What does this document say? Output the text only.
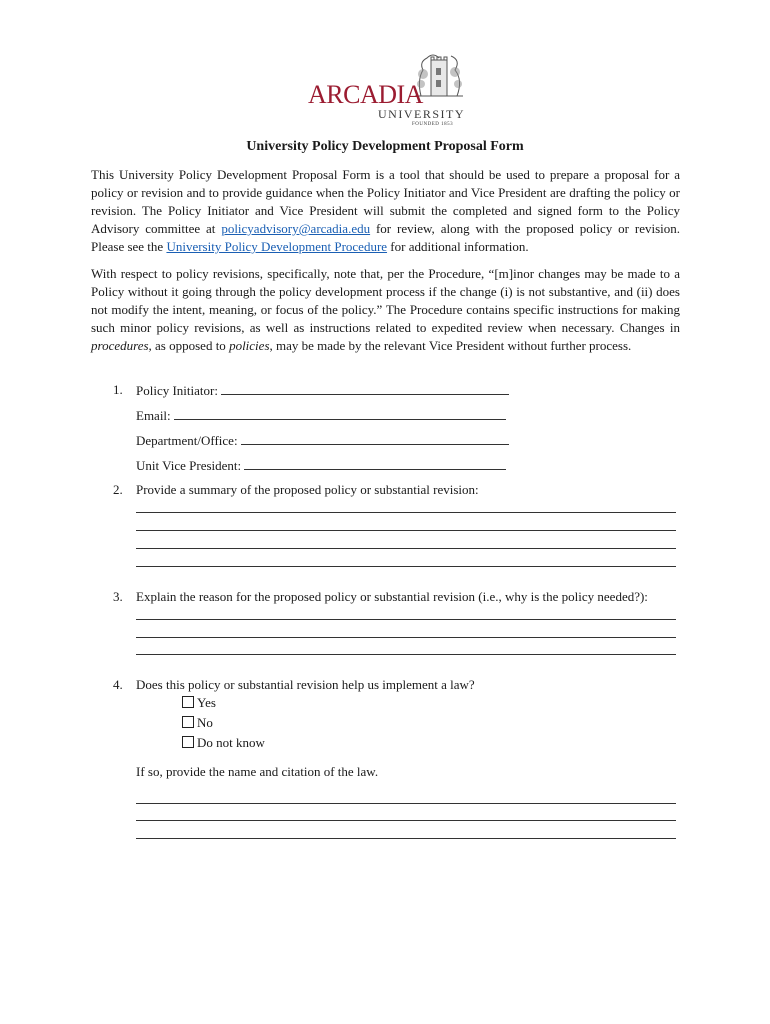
ARCADIA
UNIVERSITY
FOUNDED 1853
University Policy Development Proposal Form

This University Policy Development Proposal Form is a tool that should be used to prepare a proposal for a policy or revision and to provide guidance when the Policy Initiator and Vice President are drafting the policy or revision. The Policy Initiator and Vice President will submit the completed and signed form to the Policy Advisory committee at policyadvisory@arcadia.edu for review, along with the proposed policy or revision. Please see the University Policy Development Procedure for additional information.

With respect to policy revisions, specifically, note that, per the Procedure, “[m]inor changes may be made to a Policy without it going through the policy development process if the change (i) is not substantive, and (ii) does not modify the intent, meaning, or focus of the policy.” The Procedure contains specific instructions for making such minor policy revisions, as well as instructions related to expedited review when necessary. Changes in procedures, as opposed to policies, may be made by the relevant Vice President without further process.

1. Policy Initiator:
Email:
Department/Office:
Unit Vice President:
2. Provide a summary of the proposed policy or substantial revision:
3. Explain the reason for the proposed policy or substantial revision (i.e., why is the policy needed?):
4. Does this policy or substantial revision help us implement a law?
Yes
No
Do not know
If so, provide the name and citation of the law.
